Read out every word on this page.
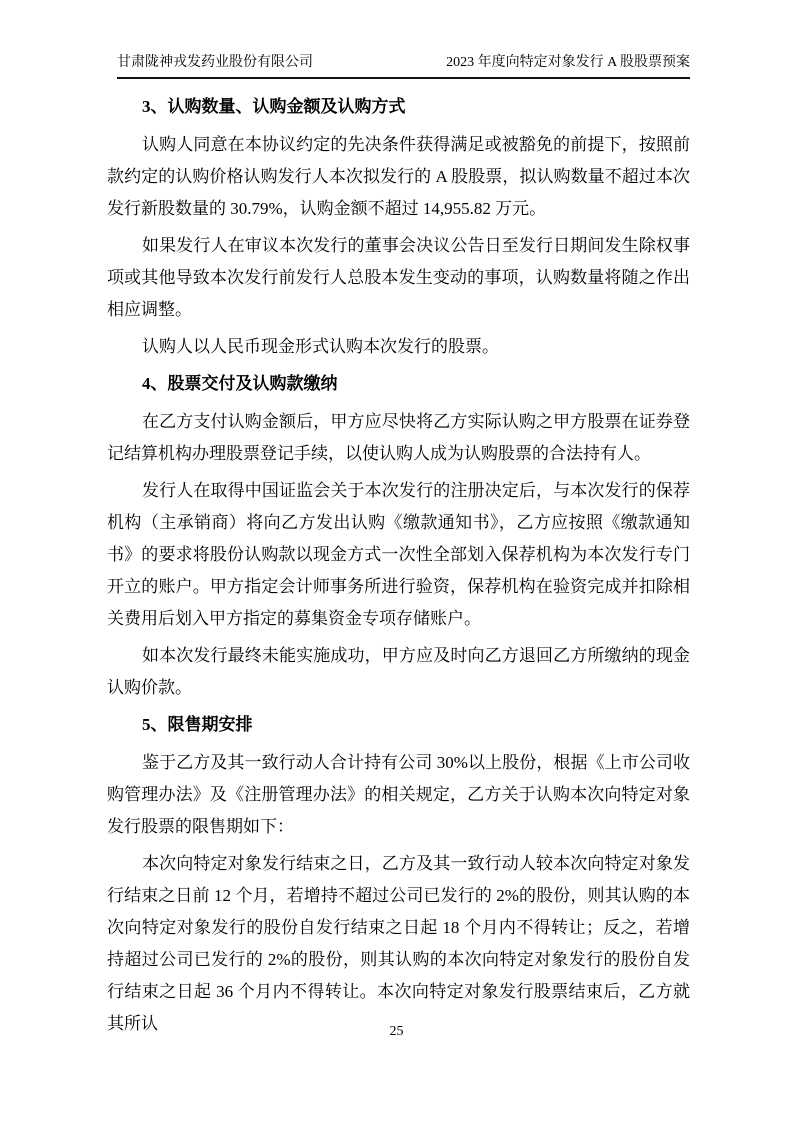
甘肃陇神戎发药业股份有限公司	2023 年度向特定对象发行 A 股股票预案
3、认购数量、认购金额及认购方式

认购人同意在本协议约定的先决条件获得满足或被豁免的前提下，按照前款约定的认购价格认购发行人本次拟发行的 A 股股票，拟认购数量不超过本次发行新股数量的 30.79%，认购金额不超过 14,955.82 万元。

如果发行人在审议本次发行的董事会决议公告日至发行日期间发生除权事项或其他导致本次发行前发行人总股本发生变动的事项，认购数量将随之作出相应调整。

认购人以人民币现金形式认购本次发行的股票。

4、股票交付及认购款缴纳

在乙方支付认购金额后，甲方应尽快将乙方实际认购之甲方股票在证券登记结算机构办理股票登记手续，以使认购人成为认购股票的合法持有人。

发行人在取得中国证监会关于本次发行的注册决定后，与本次发行的保荐机构（主承销商）将向乙方发出认购《缴款通知书》，乙方应按照《缴款通知书》的要求将股份认购款以现金方式一次性全部划入保荐机构为本次发行专门开立的账户。甲方指定会计师事务所进行验资，保荐机构在验资完成并扣除相关费用后划入甲方指定的募集资金专项存储账户。

如本次发行最终未能实施成功，甲方应及时向乙方退回乙方所缴纳的现金认购价款。

5、限售期安排

鉴于乙方及其一致行动人合计持有公司 30%以上股份，根据《上市公司收购管理办法》及《注册管理办法》的相关规定，乙方关于认购本次向特定对象发行股票的限售期如下：

本次向特定对象发行结束之日，乙方及其一致行动人较本次向特定对象发行结束之日前 12 个月，若增持不超过公司已发行的 2%的股份，则其认购的本次向特定对象发行的股份自发行结束之日起 18 个月内不得转让；反之，若增持超过公司已发行的 2%的股份，则其认购的本次向特定对象发行的股份自发行结束之日起 36 个月内不得转让。本次向特定对象发行股票结束后，乙方就其所认	25
